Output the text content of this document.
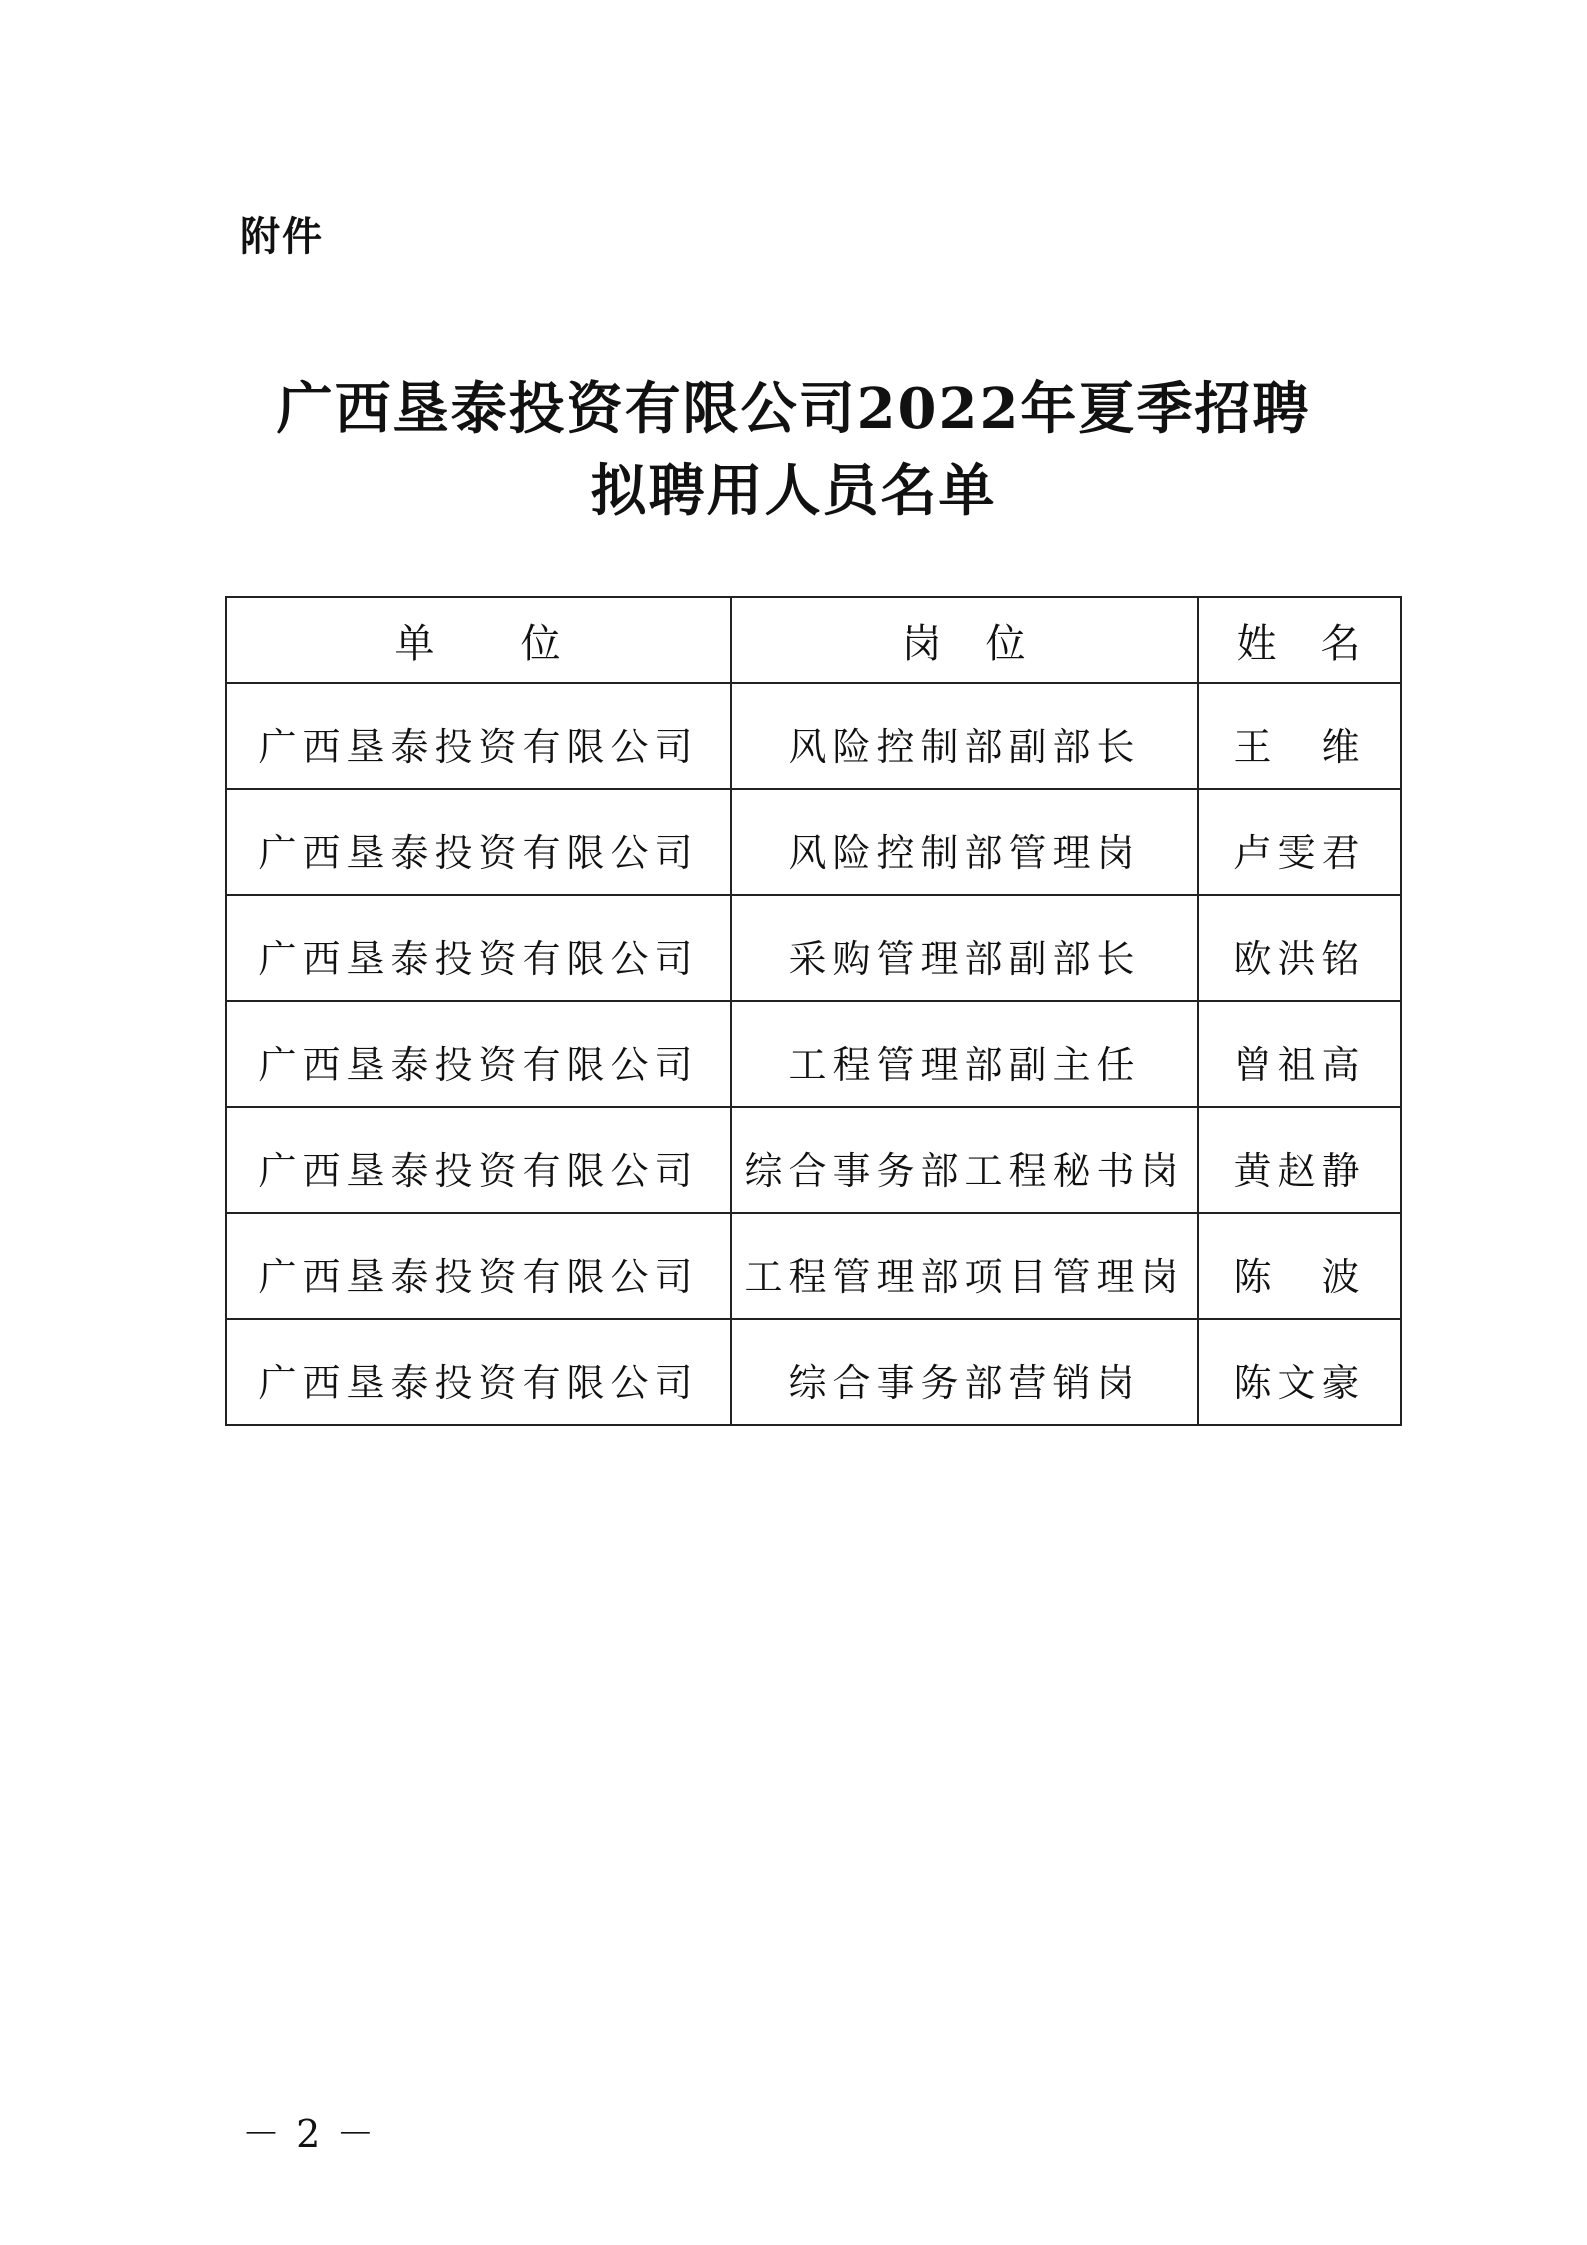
附件
广西垦泰投资有限公司2022年夏季招聘
拟聘用人员名单
单　　位	岗　位	姓　名
广西垦泰投资有限公司	风险控制部副部长	王　维
广西垦泰投资有限公司	风险控制部管理岗	卢雯君
广西垦泰投资有限公司	采购管理部副部长	欧洪铭
广西垦泰投资有限公司	工程管理部副主任	曾祖高
广西垦泰投资有限公司	综合事务部工程秘书岗	黄赵静
广西垦泰投资有限公司	工程管理部项目管理岗	陈　波
广西垦泰投资有限公司	综合事务部营销岗	陈文豪
－ 2 －
